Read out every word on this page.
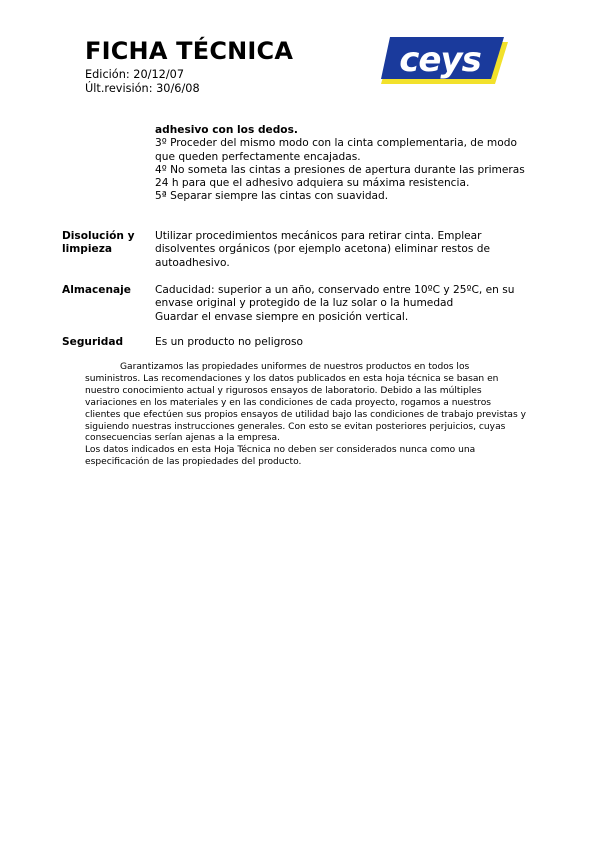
FICHA TÉCNICA
Edición: 20/12/07
Últ.revisión: 30/6/08
ceys
adhesivo con los dedos.
3º Proceder del mismo modo con la cinta complementaria, de modo
que queden perfectamente encajadas.
4º No someta las cintas a presiones de apertura durante las primeras
24 h para que el adhesivo adquiera su máxima resistencia.
5ª Separar siempre las cintas con suavidad.
Disolución y
limpieza
Utilizar procedimientos mecánicos para retirar cinta. Emplear
disolventes orgánicos (por ejemplo acetona) eliminar restos de
autoadhesivo.
Almacenaje	Caducidad: superior a un año, conservado entre 10ºC y 25ºC, en su
envase original y protegido de la luz solar o la humedad
Guardar el envase siempre en posición vertical.
Seguridad	Es un producto no peligroso
Garantizamos las propiedades uniformes de nuestros productos en todos los
suministros. Las recomendaciones y los datos publicados en esta hoja técnica se basan en
nuestro conocimiento actual y rigurosos ensayos de laboratorio. Debido a las múltiples
variaciones en los materiales y en las condiciones de cada proyecto, rogamos a nuestros
clientes que efectúen sus propios ensayos de utilidad bajo las condiciones de trabajo previstas y
siguiendo nuestras instrucciones generales. Con esto se evitan posteriores perjuicios, cuyas
consecuencias serían ajenas a la empresa.
Los datos indicados en esta Hoja Técnica no deben ser considerados nunca como una
especificación de las propiedades del producto.
